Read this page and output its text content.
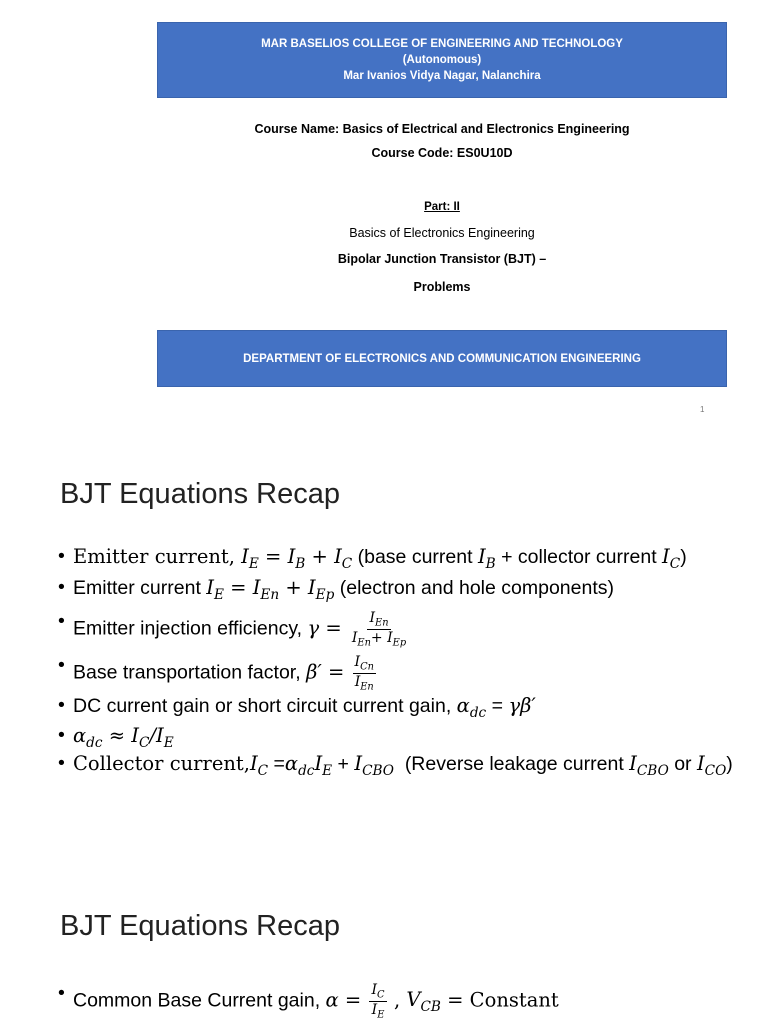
MAR BASELIOS COLLEGE OF ENGINEERING AND TECHNOLOGY
(Autonomous)
Mar Ivanios Vidya Nagar, Nalanchira
Course Name: Basics of Electrical and Electronics Engineering
Course Code: ES0U10D
Part: II
Basics of Electronics Engineering
Bipolar Junction Transistor (BJT) –
Problems
DEPARTMENT OF ELECTRONICS AND COMMUNICATION ENGINEERING
1
BJT Equations Recap
• Emitter current, $I_E = I_B + I_C$ (base current $I_B$ + collector current $I_C$)
• Emitter current $I_E = I_{En} + I_{Ep}$ (electron and hole components)
• Emitter injection efficiency, $\gamma = \frac{I_{En}}{I_{En}+ I_{Ep}}$
• Base transportation factor, $\beta' = \frac{I_{Cn}}{I_{En}}$
• DC current gain or short circuit current gain, $\alpha_{dc} = \gamma\beta'$
• $\alpha_{dc} \approx I_C/I_E$
• Collector $current,I_C =\alpha_{dc}I_E + I_{CBO}$ (Reverse leakage current $I_{CBO}$ or $I_{CO}$)
BJT Equations Recap
• Common Base Current gain, $\alpha = \frac{I_C}{I_E}$ , $V_{CB}$ = Constant
